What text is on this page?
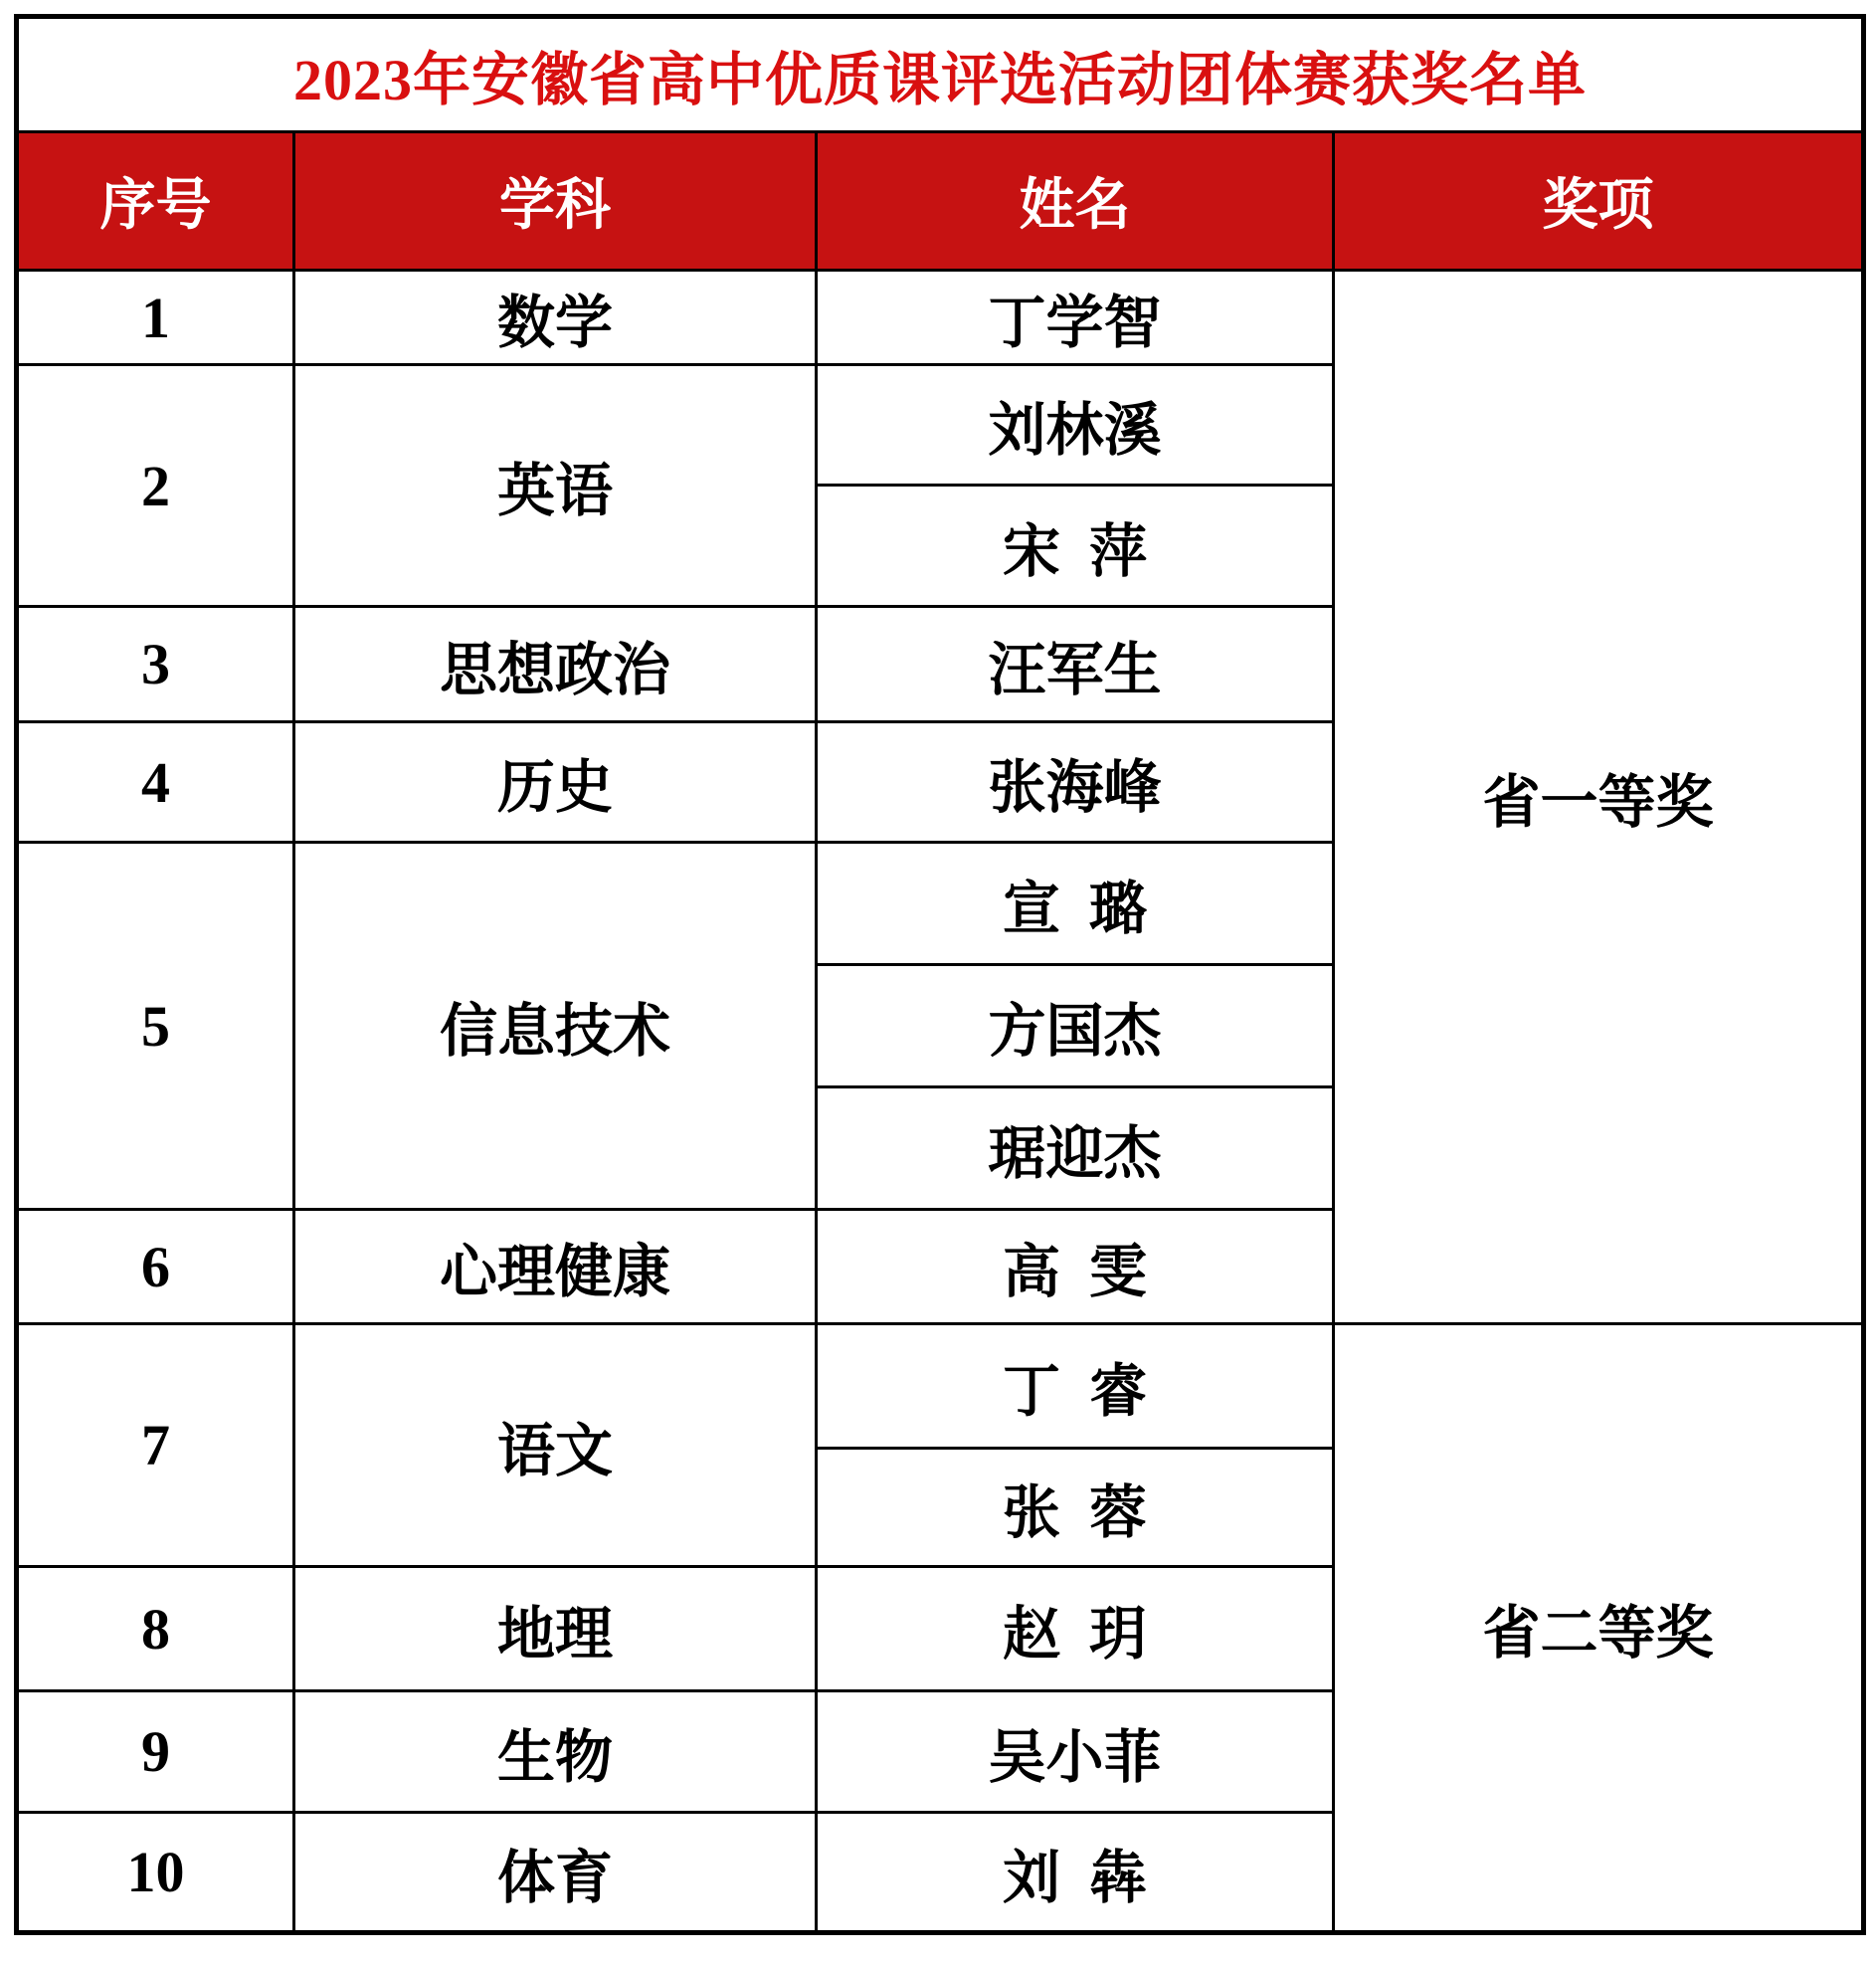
2023年安徽省高中优质课评选活动团体赛获奖名单			
序号	学科	姓名	奖项
1	数学	丁学智	省一等奖
2	英语	刘林溪	
		宋 萍	
3	思想政治	汪军生	
4	历史	张海峰	
5	信息技术	宣 璐	
		方国杰	
		琚迎杰	
6	心理健康	高 雯	
7	语文	丁 睿	省二等奖
		张 蓉	
8	地理	赵 玥	
9	生物	吴小菲	
10	体育	刘 犇	
